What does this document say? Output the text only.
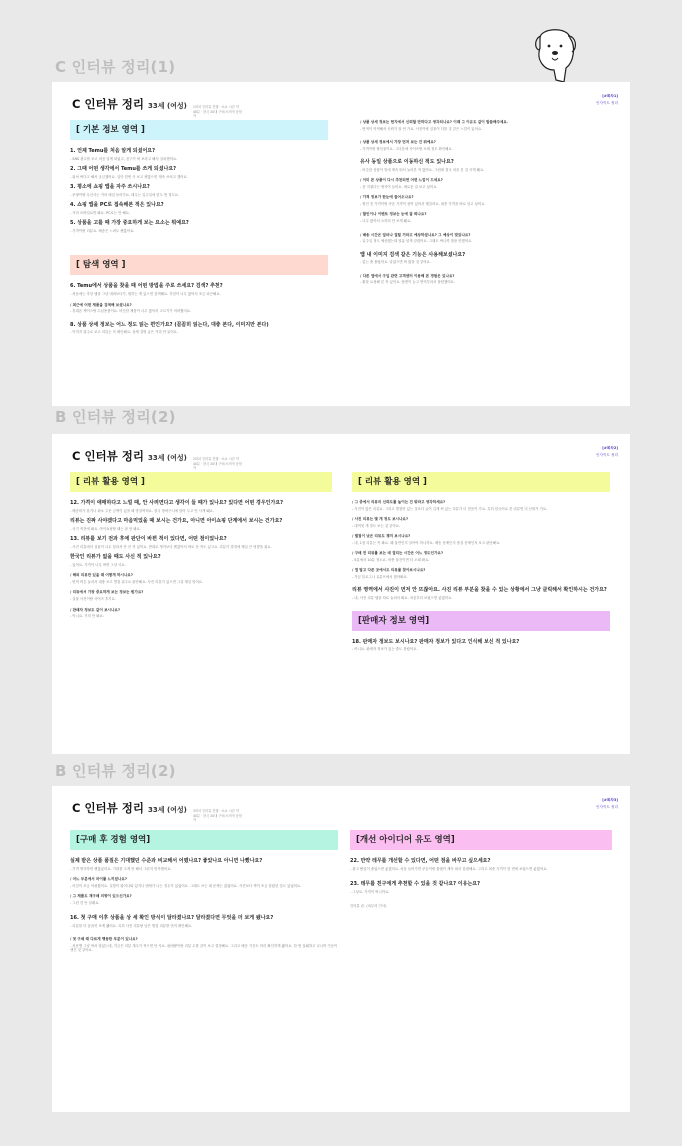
C 인터뷰 정리(1)
B 인터뷰 정리(2)
B 인터뷰 정리(2)
C 인터뷰 정리 33세 (여성) 1회차 인터뷰 진행 · 소요 시간 약 40분 · 한국 20대 구매 소비자 응답자
[#회차1]
인사이트 정리
[ 기본 정보 영역 ]
1. 언제 Temu를 처음 알게 되셨어요?
- SNS 광고를 보고 처음 알게 되었고, 친구가 써 보라고 해서 설치했어요.
2. 그때 어떤 생각에서 Temu를 쓰게 되셨나요?
- 워낙 싸다고 해서 궁금했어요. 일단 한번 사 보고 괜찮으면 계속 쓰려고 했어요.
3. 평소에 쇼핑 앱을 자주 쓰시나요?
- 쿠팡이랑 무신사는 거의 매일 들어가요. 테무는 일주일에 한두 번 정도요.
4. 쇼핑 앱을 PC로 접속해본 적은 있나요?
- 거의 모바일로만 봐요. PC로는 안 해요.
5. 상품을 고를 때 가장 중요하게 보는 요소는 뭐예요?
- 가격이랑 리뷰요. 배송은 느려도 괜찮아요.
[ 탐색 영역 ]
6. Temu에서 상품을 찾을 때 어떤 방법을 주로 쓰세요? 검색? 추천?
- 처음에는 추천 탭을 그냥 내려보다가, 원하는 게 있으면 검색해요. 추천이 너무 많아서 조금 피곤해요.
/ 최근에 어떤 제품을 검색해 보셨나요?
- 휴대폰 케이스랑 수납용품이요. 비슷한 제품이 너무 많아서 고르기가 어려웠어요.
8. 상품 상세 정보는 어느 정도 읽는 편인가요? (꼼꼼히 읽는다, 대충 본다, 이미지만 본다)
- 이미지 위주로 보고 리뷰는 꼭 확인해요. 상세 설명 글은 거의 안 읽어요.
/ 상품 상세 정보는 현지에서 신뢰할 만하다고 생각되나요? 이때 그 이유도 같이 말씀해주세요.
- 번역이 어색해서 신뢰가 잘 안 가요. 사진이랑 실물이 다를 것 같은 느낌이 있어요.
/ 상품 상세 정보에서 가장 먼저 보는 건 뭐예요?
- 가격이랑 할인율이요. 그다음에 사이즈랑 소재 정도 확인해요.
유사 동일 상품으로 이동하신 적도 있나요?
- 비슷한 상품이 밑에 계속 떠서 눌러본 적 많아요. 그런데 결국 처음 본 걸 사게 돼요.
/ 이미 본 상품이 다시 추천되면 어떤 느낌이 드세요?
- 좀 지겹다는 생각이 들어요. 새로운 걸 보고 싶어요.
/ 가격 정보가 한눈에 들어오나요?
- 할인 전 가격이랑 쿠폰 가격이 섞여 있어서 헷갈려요. 최종 가격을 바로 알고 싶어요.
/ 할인이나 이벤트 정보는 눈에 잘 띄나요?
- 너무 많아서 오히려 안 보게 돼요.
/ 배송 시간은 얼마나 걸릴 거라고 예상하셨나요? 그 예상이 맞았나요?
- 일주일 정도 예상했는데 열흘 넘게 걸렸어요. 그래도 싸니까 참을 만했어요.
앱 내 이미지 검색 같은 기능은 사용해보셨나요?
- 있는 줄 몰랐어요. 알았으면 써 봤을 것 같아요.
/ 다른 앱에서 구입 관련 고객센터 이용해 본 경험은 있나요?
- 환불 요청해 본 적 있어요. 답변이 늦고 번역투라서 답답했어요.
C 인터뷰 정리 33세 (여성) 2회차 인터뷰 진행 · 소요 시간 약 40분 · 한국 20대 구매 소비자 응답자
[#회차2]
인사이트 정리
[ 리뷰 활용 영역 ]
12. 가격이 애매하다고 느낄 때, 안 사려면다고 생각이 들 때가 있나요? 있다면 어떤 경우인가요?
- 배송비가 붙거나 최소 주문 금액이 있을 때 망설여져요. 결국 장바구니에 담아 두고 안 사게 돼요.
리뷰는 진짜 사야겠다고 마음먹었을 때 보시는 건가요, 아니면 아이쇼핑 단계에서 보시는 건가요?
- 사기 직전에 봐요. 아이쇼핑할 때는 잘 안 봐요.
13. 리뷰를 보기 전과 후에 판단이 바뀐 적이 있다면, 어떤 점이었나요?
- 사진 리뷰에서 실물이 너무 달라서 안 산 적 있어요. 반대로 생각보다 괜찮아서 바로 산 적도 있고요. 리뷰가 결정에 제일 큰 영향을 줘요.
한국인 리뷰가 없을 때도 사신 적 있나요?
- 있어요. 가격이 너무 싸면 그냥 사요.
/ 해외 리뷰만 있을 때 어떻게 하시나요?
- 번역 버튼 눌러서 대충 보고 별점 위주로 판단해요. 사진 리뷰가 있으면 그걸 제일 믿어요.
/ 리뷰에서 가장 중요하게 보는 정보는 뭔가요?
- 실물 사진이랑 사이즈 후기요.
/ 판매자 정보도 같이 보시나요?
- 아니요. 거의 안 봐요.
[ 리뷰 활용 영역 ]
/ 그 중에서 리뷰의 신뢰도를 높이는 건 뭐라고 생각하세요?
- 사진이 많은 리뷰요. 그리고 별점만 있는 것보다 글이 길게 써 있는 리뷰가 더 믿음이 가요. 특히 한국어로 쓴 리뷰면 더 신뢰가 가요.
/ 사진 리뷰는 몇 개 정도 보시나요?
- 대여섯 개 정도 보는 것 같아요.
/ 별점이 낮은 리뷰도 챙겨 보시나요?
- 네, 1점 리뷰는 꼭 봐요. 왜 불만인지 알아야 하니까요. 배송 문제인지 품질 문제인지 보고 판단해요.
/ 구매 전 리뷰를 보는 데 걸리는 시간은 어느 정도인가요?
- 5분에서 10분 정도요. 비싼 물건이면 더 오래 봐요.
/ 앱 말고 다른 곳에서도 리뷰를 찾아보시나요?
- 가끔 블로그나 유튜브에서 찾아봐요.
리뷰 영역에서 사진이 먼저 안 뜨잖아요. 사진 리뷰 부분을 찾을 수 있는 상황에서 그냥 클릭해서 확인하시는 건가요?
- 네, 사진 리뷰 탭을 따로 눌러서 봐요. 처음부터 보였으면 좋겠어요.
[판매자 정보 영역]
18. 판매자 정보도 보시나요? 판매자 정보가 있다고 인식해 보신 적 있나요?
- 아니요. 판매자 정보가 있는 줄도 몰랐어요.
C 인터뷰 정리 33세 (여성) 3회차 인터뷰 진행 · 소요 시간 약 40분 · 한국 20대 구매 소비자 응답자
[#회차3]
인사이트 정리
[구매 후 경험 영역]
실제 받은 상품 품질은 기대했던 수준과 비교해서 어땠나요? 좋았나요 아니면 나빴나요?
- 가격 생각하면 괜찮았어요. 기대를 크게 안 해서 그런지 만족했어요.
/ 어느 부분에서 차이를 느끼셨나요?
- 마감이 조금 아쉬웠어요. 실밥이 튀어나와 있거나 냄새가 나는 경우가 있었어요. 그래도 쓰는 데 문제는 없었어요. 사진보다 색이 조금 달랐던 것도 있었어요.
/ 그 제품도 재구매 의향이 있으신가요?
- 그런 건 안 살래요.
16. 첫 구매 이후 상품을 상 세 확인 방식이 달라졌나요? 달라졌다면 무엇을 더 보게 됐나요?
- 리뷰를 더 꼼꼼히 보게 됐어요. 특히 사진 리뷰랑 낮은 별점 리뷰를 먼저 확인해요.
/ 첫 구매 때 다르게 행동한 부분이 있나요?
- 처음엔 그냥 싸서 담았는데, 지금은 리뷰 개수가 적으면 안 사요. 판매량이랑 리뷰 수를 같이 보고 결정해요. 그리고 배송 기간도 미리 확인하게 됐어요. 한 번 실패하고 나니까 기준이 생긴 것 같아요.
[개선 아이디어 유도 영역]
22. 만약 테무를 개선할 수 있다면, 어떤 점을 바꾸고 싶으세요?
- 광고 팝업이 줄었으면 좋겠어요. 처음 들어가면 쿠폰이랑 룰렛이 계속 떠서 불편해요. 그리고 최종 가격이 한 번에 보였으면 좋겠어요.
23. 테무를 친구에게 추천할 수 있을 것 같나요? 이유는요?
- 그냥요. 가격이 싸니까요.
인터뷰 끝. (마무리 인사)
